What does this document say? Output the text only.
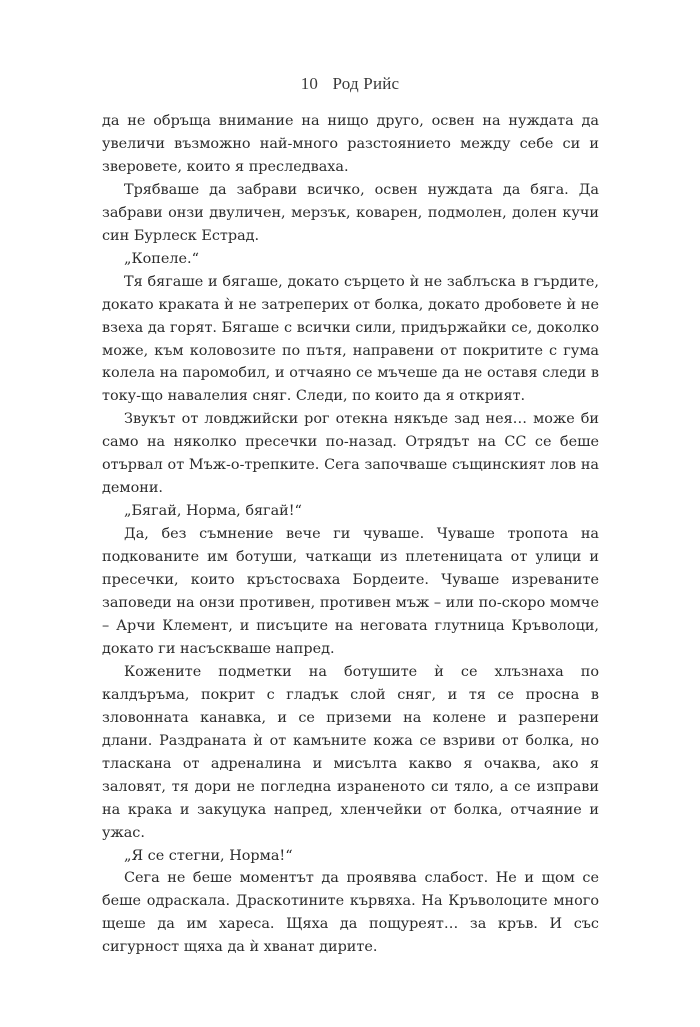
10 Род Рийс

да не обръща внимание на нищо друго, освен на нуждата да увеличи възможно най-много разстоянието между себе си и зверовете, които я преследваха.

Трябваше да забрави всичко, освен нуждата да бяга. Да забрави онзи двуличен, мерзък, коварен, подмолен, долен кучи син Бурлеск Естрад.

„Копеле.“

Тя бягаше и бягаше, докато сърцето ѝ не заблъска в гърдите, докато краката ѝ не затреперих от болка, докато дробовете ѝ не взеха да горят. Бягаше с всички сили, придържайки се, доколко може, към коловозите по пътя, направени от покритите с гума колела на паромобил, и отчаяно се мъчеше да не оставя следи в току-що навалелия сняг. Следи, по които да я открият.

Звукът от ловджийски рог отекна някъде зад нея… може би само на няколко пресечки по-назад. Отрядът на СС се беше отървал от Мъж-о-трепките. Сега започваше същинският лов на демони.

„Бягай, Норма, бягай!“

Да, без съмнение вече ги чуваше. Чуваше тропота на подкованите им ботуши, чаткащи из плетеницата от улици и пресечки, които кръстосваха Бордеите. Чуваше изреваните заповеди на онзи противен, противен мъж – или по-скоро момче – Арчи Клемент, и писъците на неговата глутница Кръволоци, докато ги насъскваше напред.

Кожените подметки на ботушите ѝ се хлъзнаха по калдъръма, покрит с гладък слой сняг, и тя се просна в зловонната канавка, и се приземи на колене и разперени длани. Раздраната ѝ от камъните кожа се взриви от болка, но тласкана от адреналина и мисълта какво я очаква, ако я заловят, тя дори не погледна израненото си тяло, а се изправи на крака и закуцука напред, хленчейки от болка, отчаяние и ужас.

„Я се стегни, Норма!“

Сега не беше моментът да проявява слабост. Не и щом се беше одраскала. Драскотините кървяха. На Кръволоците много щеше да им хареса. Щяха да пощуреят… за кръв. И със сигурност щяха да ѝ хванат дирите.
